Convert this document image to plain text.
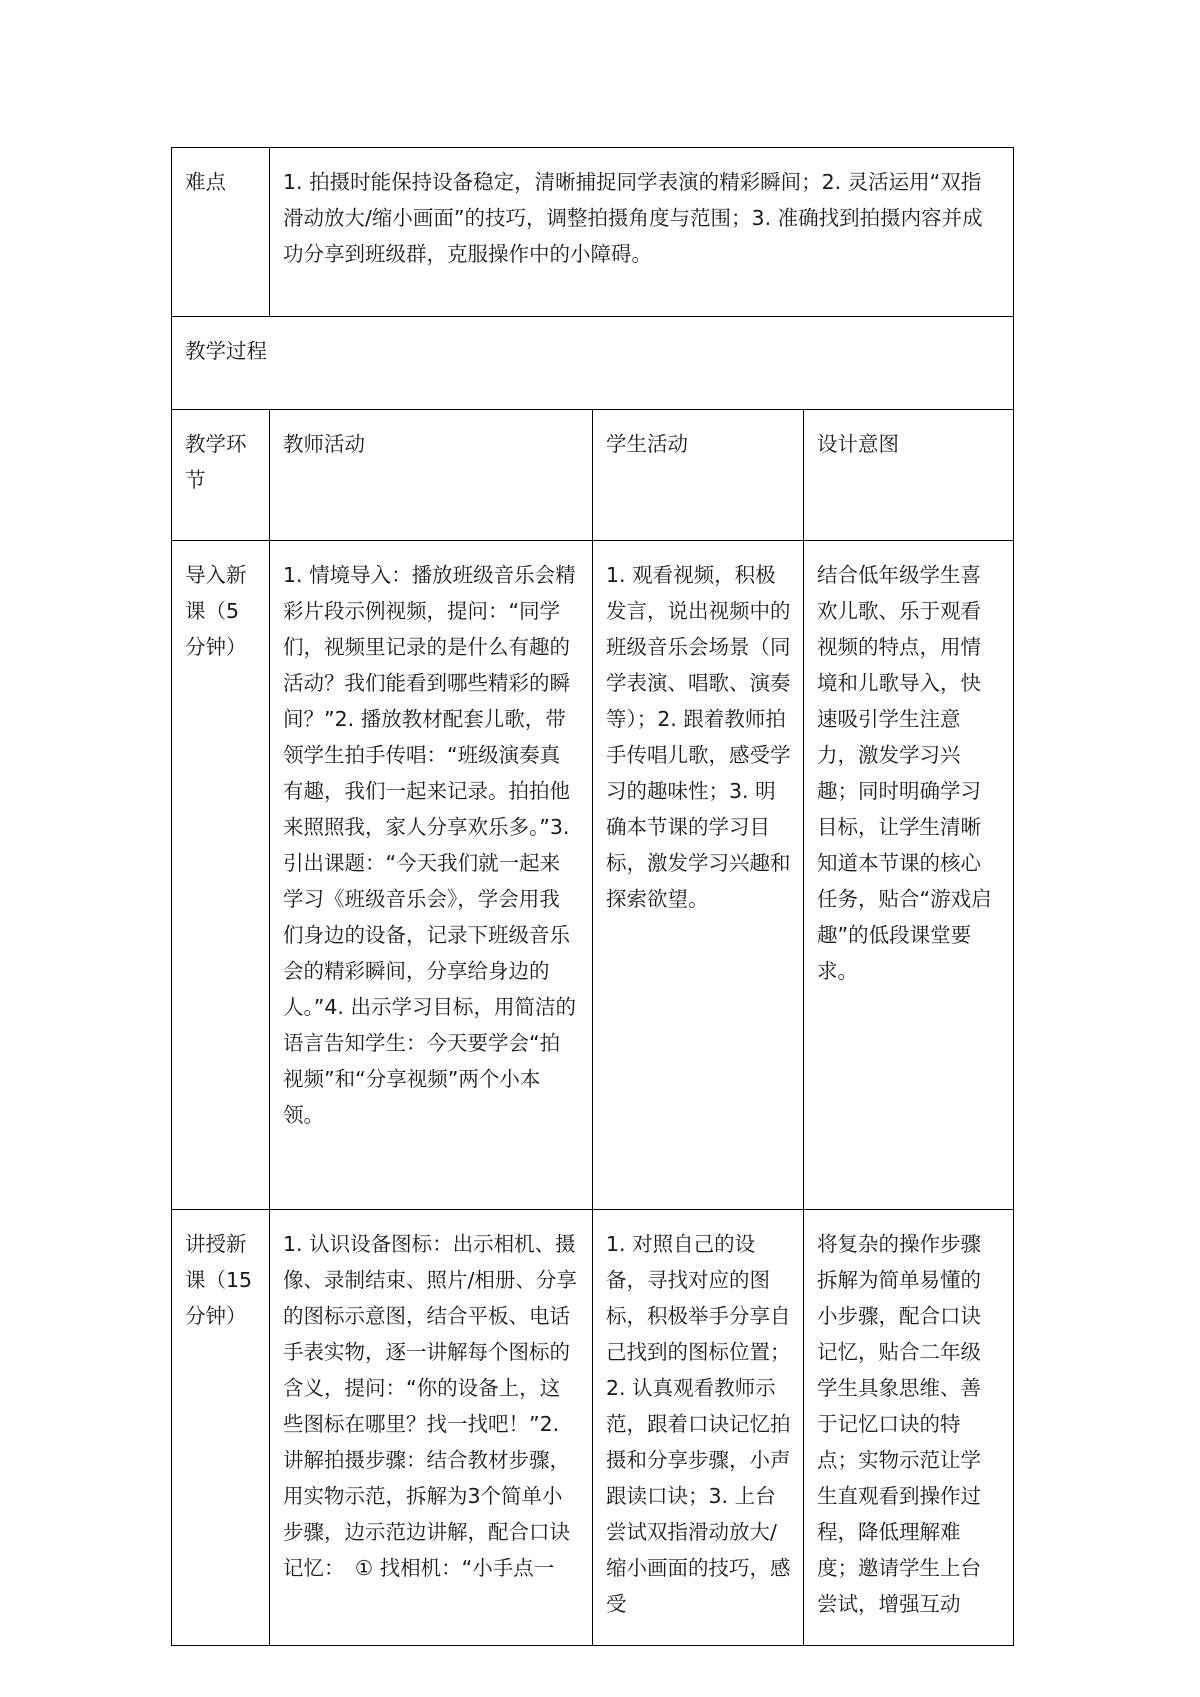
难点	1. 拍摄时能保持设备稳定，清晰捕捉同学表演的精彩瞬间；2. 灵活运用“双指滑动放大/缩小画面”的技巧，调整拍摄角度与范围；3. 准确找到拍摄内容并成功分享到班级群，克服操作中的小障碍。		
教学过程			
教学环节	教师活动	学生活动	设计意图
导入新课（5分钟）	1. 情境导入：播放班级音乐会精彩片段示例视频，提问：“同学们，视频里记录的是什么有趣的活动？我们能看到哪些精彩的瞬间？”2. 播放教材配套儿歌，带领学生拍手传唱：“班级演奏真有趣，我们一起来记录。拍拍他来照照我，家人分享欢乐多。”3. 引出课题：“今天我们就一起来学习《班级音乐会》，学会用我们身边的设备，记录下班级音乐会的精彩瞬间，分享给身边的人。”4. 出示学习目标，用简洁的语言告知学生：今天要学会“拍视频”和“分享视频”两个小本领。	1. 观看视频，积极发言，说出视频中的班级音乐会场景（同学表演、唱歌、演奏等）；2. 跟着教师拍手传唱儿歌，感受学习的趣味性；3. 明确本节课的学习目标，激发学习兴趣和探索欲望。	结合低年级学生喜欢儿歌、乐于观看视频的特点，用情境和儿歌导入，快速吸引学生注意力，激发学习兴趣；同时明确学习目标，让学生清晰知道本节课的核心任务，贴合“游戏启趣”的低段课堂要求。
讲授新课（15分钟）	1. 认识设备图标：出示相机、摄像、录制结束、照片/相册、分享的图标示意图，结合平板、电话手表实物，逐一讲解每个图标的含义，提问：“你的设备上，这些图标在哪里？找一找吧！”2. 讲解拍摄步骤：结合教材步骤，用实物示范，拆解为3个简单小步骤，边示范边讲解，配合口诀记忆：　① 找相机：“小手点一	1. 对照自己的设备，寻找对应的图标，积极举手分享自己找到的图标位置；2. 认真观看教师示范，跟着口诀记忆拍摄和分享步骤，小声跟读口诀；3. 上台尝试双指滑动放大/缩小画面的技巧，感受	将复杂的操作步骤拆解为简单易懂的小步骤，配合口诀记忆，贴合二年级学生具象思维、善于记忆口诀的特点；实物示范让学生直观看到操作过程，降低理解难度；邀请学生上台尝试，增强互动
